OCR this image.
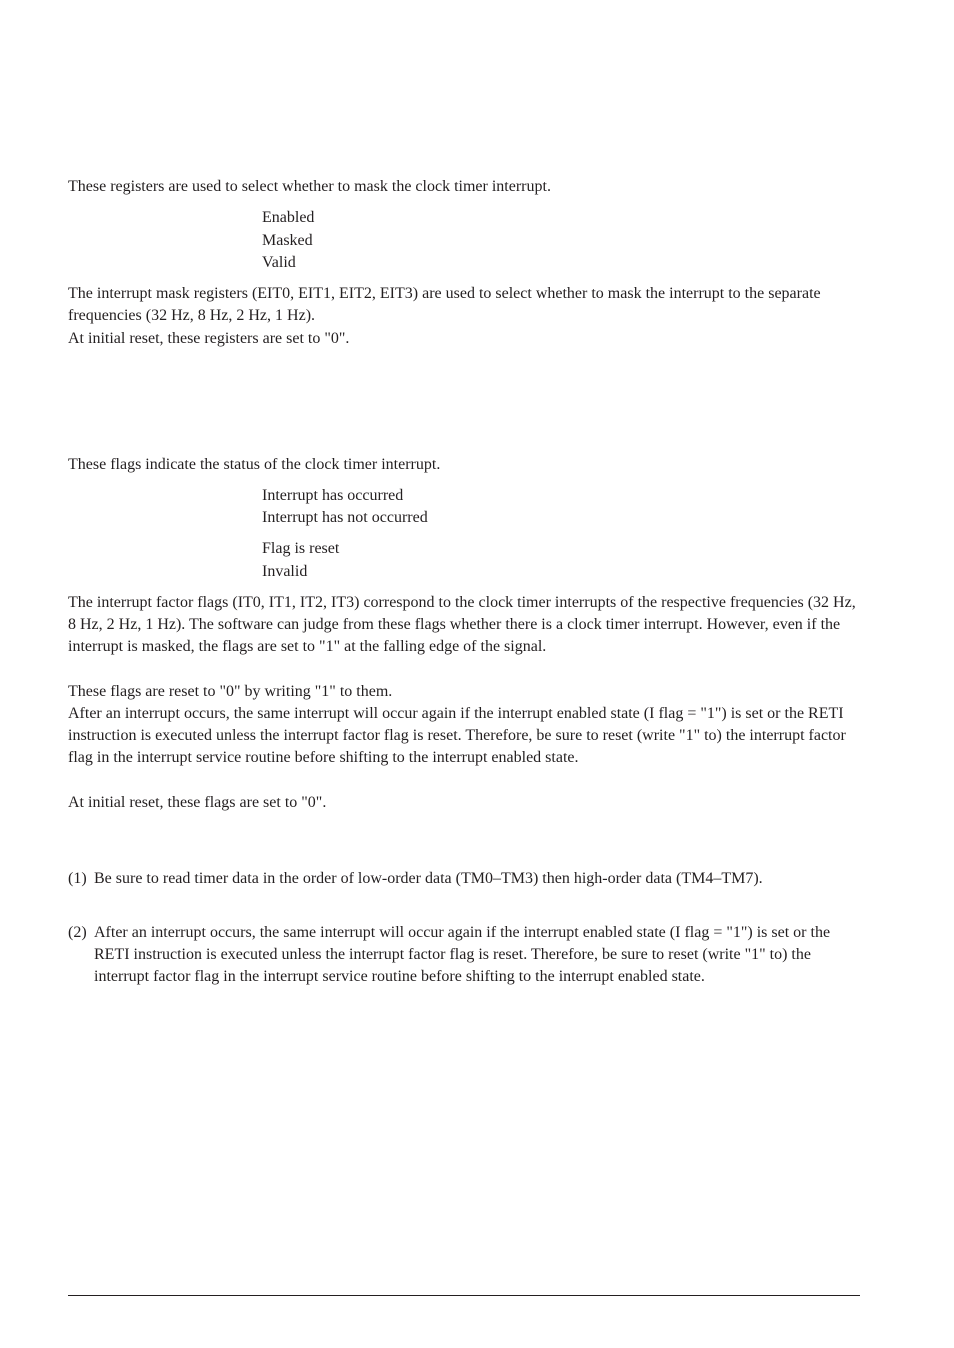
These registers are used to select whether to mask the clock timer interrupt.

Enabled
Masked
Valid

The interrupt mask registers (EIT0, EIT1, EIT2, EIT3) are used to select whether to mask the interrupt to the separate frequencies (32 Hz, 8 Hz, 2 Hz, 1 Hz).

At initial reset, these registers are set to "0".

These flags indicate the status of the clock timer interrupt.

Interrupt has occurred
Interrupt has not occurred
Flag is reset
Invalid

The interrupt factor flags (IT0, IT1, IT2, IT3) correspond to the clock timer interrupts of the respective frequencies (32 Hz, 8 Hz, 2 Hz, 1 Hz). The software can judge from these flags whether there is a clock timer interrupt. However, even if the interrupt is masked, the flags are set to "1" at the falling edge of the signal.

These flags are reset to "0" by writing "1" to them.

After an interrupt occurs, the same interrupt will occur again if the interrupt enabled state (I flag = "1") is set or the RETI instruction is executed unless the interrupt factor flag is reset. Therefore, be sure to reset (write "1" to) the interrupt factor flag in the interrupt service routine before shifting to the interrupt enabled state.

At initial reset, these flags are set to "0".

(1) Be sure to read timer data in the order of low-order data (TM0–TM3) then high-order data (TM4–TM7).
(2) After an interrupt occurs, the same interrupt will occur again if the interrupt enabled state (I flag = "1") is set or the RETI instruction is executed unless the interrupt factor flag is reset. Therefore, be sure to reset (write "1" to) the interrupt factor flag in the interrupt service routine before shifting to the interrupt enabled state.
